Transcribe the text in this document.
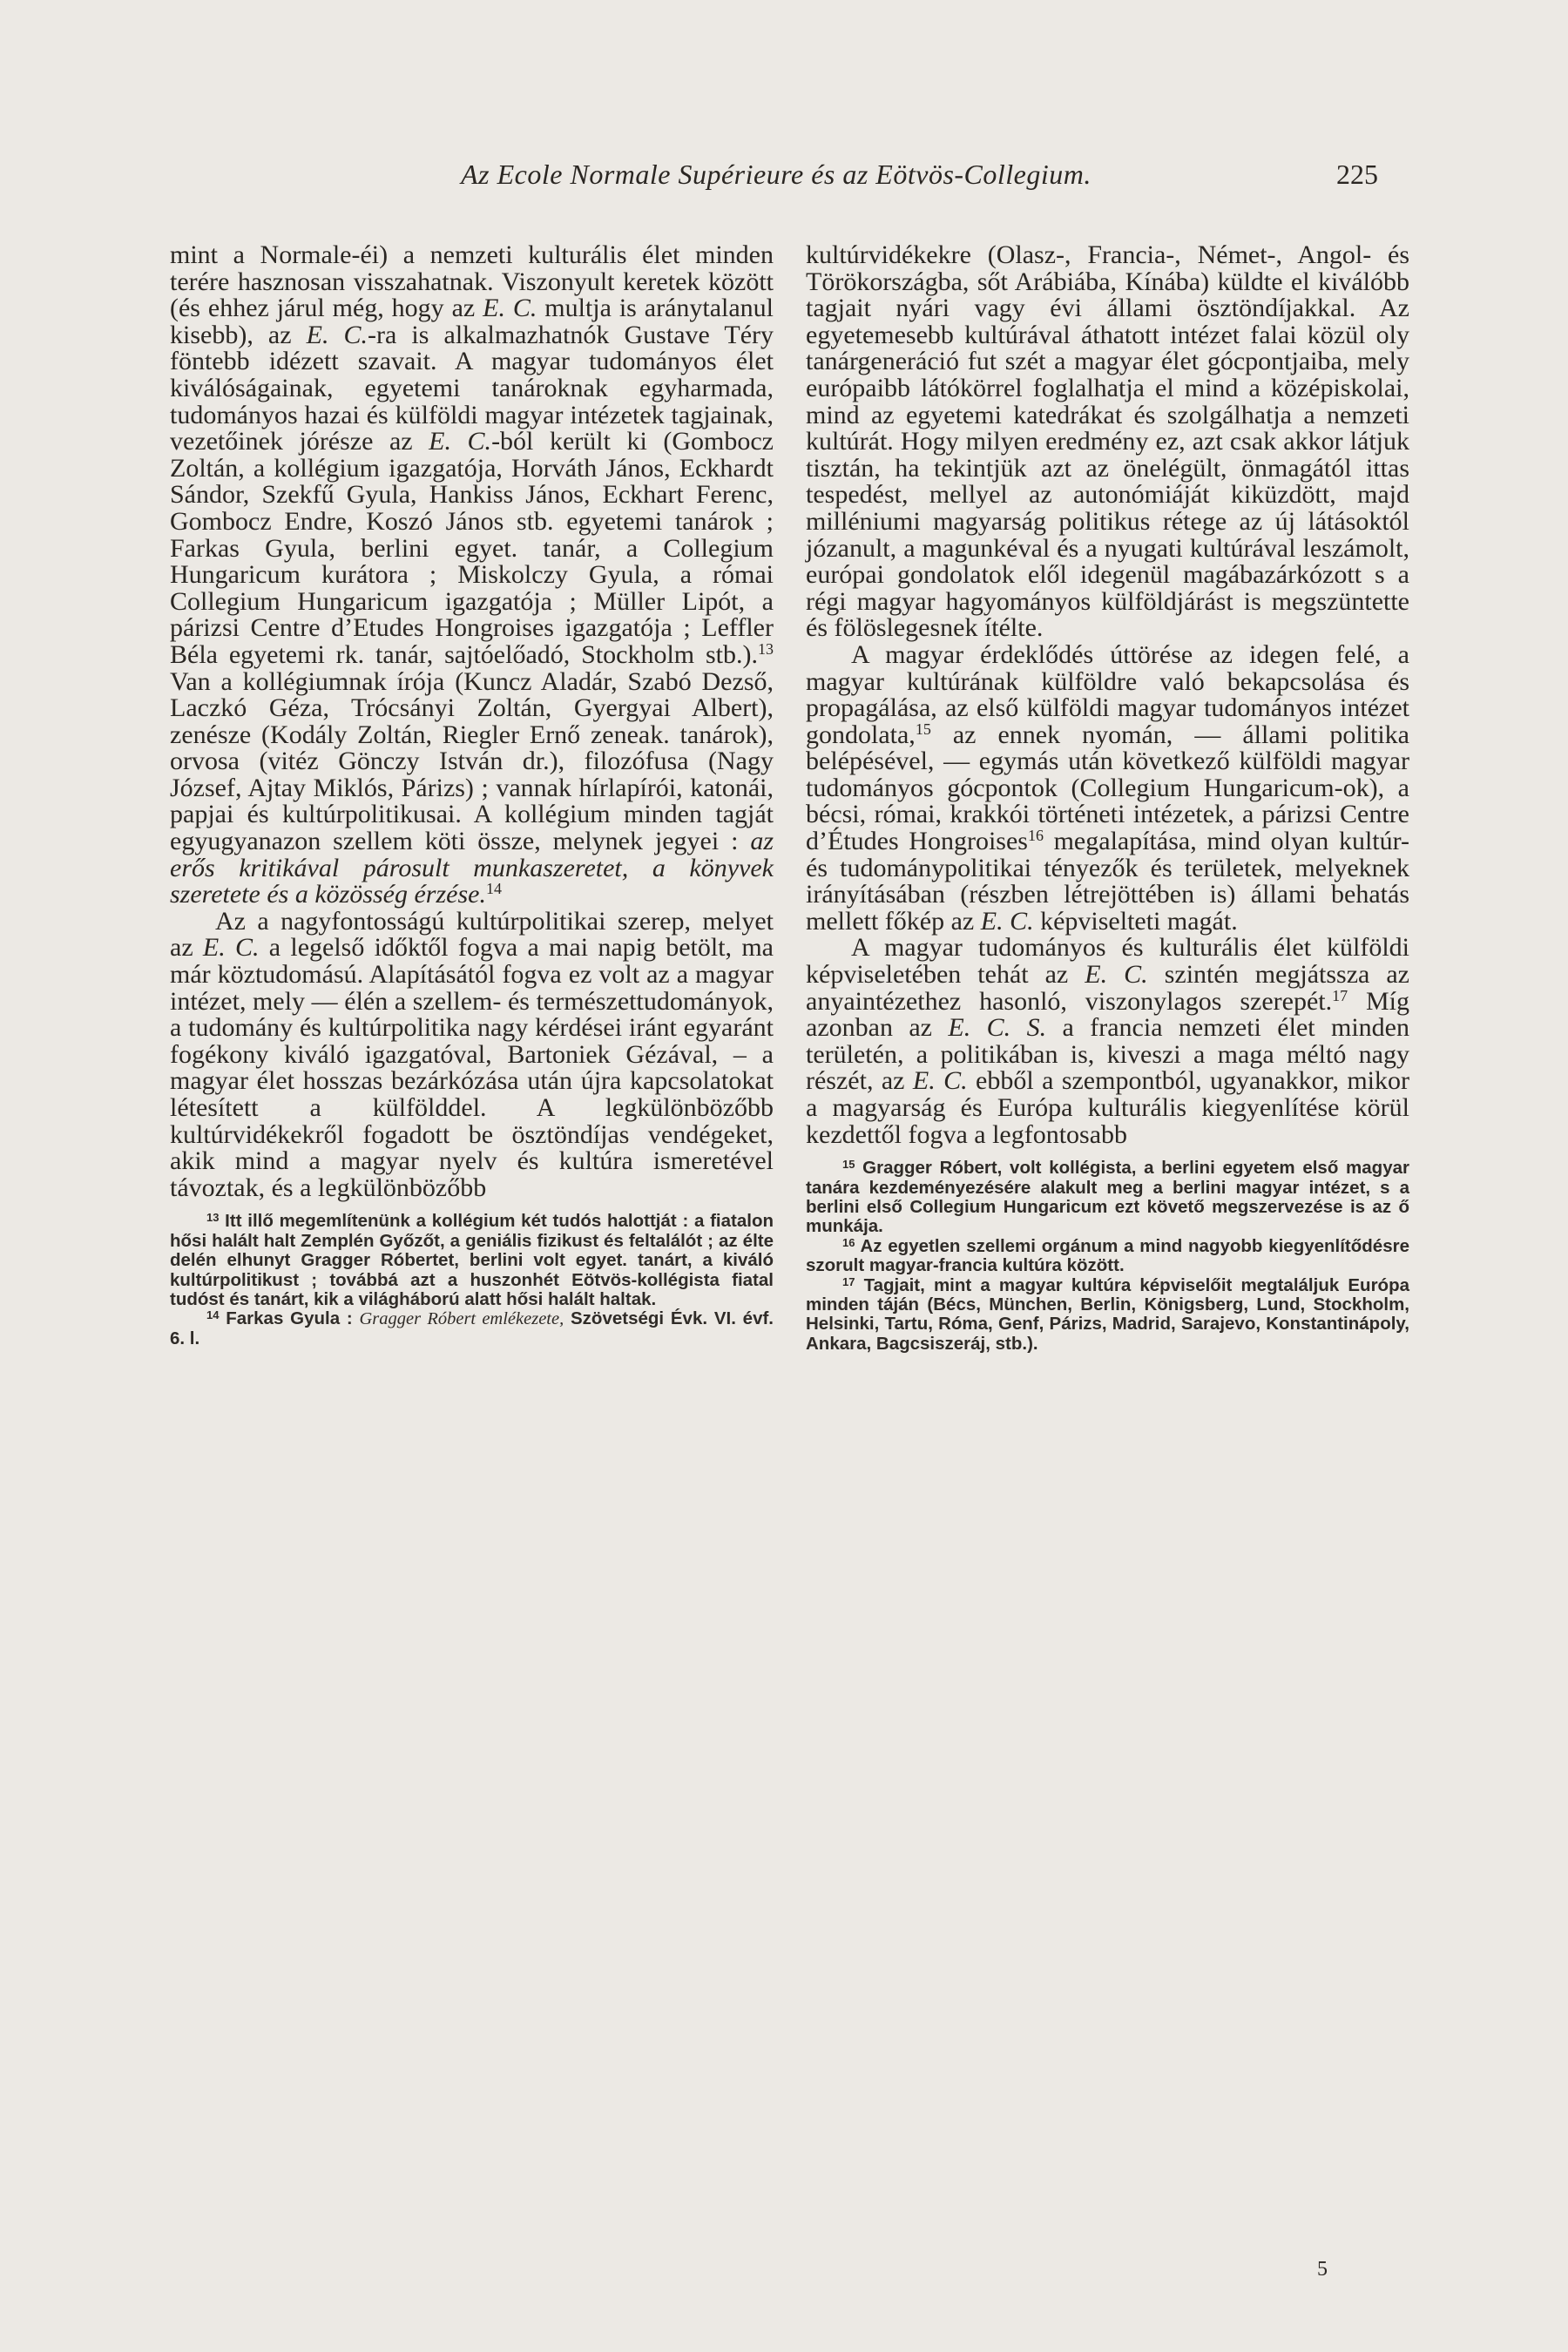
Az Ecole Normale Supérieure és az Eötvös-Collegium.	225

mint a Normale-éi) a nemzeti kulturális élet minden terére hasznosan visszahatnak. Viszonyult keretek között (és ehhez járul még, hogy az E. C. multja is aránytalanul kisebb), az E. C.-ra is alkalmazhatnók Gustave Téry föntebb idézett szavait. A magyar tudományos élet kiválóságainak, egyetemi tanároknak egyharmada, tudományos hazai és külföldi magyar intézetek tagjainak, vezetőinek jórésze az E. C.-ból került ki (Gombocz Zoltán, a kollégium igazgatója, Horváth János, Eckhardt Sándor, Szekfű Gyula, Hankiss János, Eckhart Ferenc, Gombocz Endre, Koszó János stb. egyetemi tanárok ; Farkas Gyula, berlini egyet. tanár, a Collegium Hungaricum kurátora ; Miskolczy Gyula, a római Collegium Hungaricum igazgatója ; Müller Lipót, a párizsi Centre d’Etudes Hongroises igazgatója ; Leffler Béla egyetemi rk. tanár, sajtóelőadó, Stockholm stb.).$^{13}$ Van a kollégiumnak írója (Kuncz Aladár, Szabó Dezső, Laczkó Géza, Trócsányi Zoltán, Gyergyai Albert), zenésze (Kodály Zoltán, Riegler Ernő zeneak. tanárok), orvosa (vitéz Gönczy István dr.), filozófusa (Nagy József, Ajtay Miklós, Párizs) ; vannak hírlapírói, katonái, papjai és kultúrpolitikusai. A kollégium minden tagját egyugyanazon szellem köti össze, melynek jegyei : az erős kritikával párosult munkaszeretet, a könyvek szeretete és a közösség érzése.$^{14}$

Az a nagyfontosságú kultúrpolitikai szerep, melyet az E. C. a legelső időktől fogva a mai napig betölt, ma már köztudomású. Alapításától fogva ez volt az a magyar intézet, mely — élén a szellem- és természettudományok, a tudomány és kultúrpolitika nagy kérdései iránt egyaránt fogékony kiváló igazgatóval, Bartoniek Gézával, – a magyar élet hosszas bezárkózása után újra kapcsolatokat létesített a külfölddel. A legkülönbözőbb kultúrvidékekről fogadott be ösztöndíjas vendégeket, akik mind a magyar nyelv és kultúra ismeretével távoztak, és a legkülönbözőbb

$^{13}$ Itt illő megemlítenünk a kollégium két tudós halottját : a fiatalon hősi halált halt Zemplén Győzőt, a geniális fizikust és feltalálót ; az élte delén elhunyt Gragger Róbertet, berlini volt egyet. tanárt, a kiváló kultúrpolitikust ; továbbá azt a huszonhét Eötvös-kollégista fiatal tudóst és tanárt, kik a világháború alatt hősi halált haltak.

$^{14}$ Farkas Gyula : Gragger Róbert emlékezete, Szövetségi Évk. VI. évf. 6. l.

kultúrvidékekre (Olasz-, Francia-, Német-, Angol- és Törökországba, sőt Arábiába, Kínába) küldte el kiválóbb tagjait nyári vagy évi állami ösztöndíjakkal. Az egyetemesebb kultúrával áthatott intézet falai közül oly tanárgeneráció fut szét a magyar élet gócpontjaiba, mely európaibb látókörrel foglalhatja el mind a középiskolai, mind az egyetemi katedrákat és szolgálhatja a nemzeti kultúrát. Hogy milyen eredmény ez, azt csak akkor látjuk tisztán, ha tekintjük azt az önelégült, önmagától ittas tespedést, mellyel az autonómiáját kiküzdött, majd milléniumi magyarság politikus rétege az új látásoktól józanult, a magunkéval és a nyugati kultúrával leszámolt, európai gondolatok elől idegenül magábazárkózott s a régi magyar hagyományos külföldjárást is megszüntette és fölöslegesnek ítélte.

A magyar érdeklődés úttörése az idegen felé, a magyar kultúrának külföldre való bekapcsolása és propagálása, az első külföldi magyar tudományos intézet gondolata,$^{15}$ az ennek nyomán, — állami politika belépésével, — egymás után következő külföldi magyar tudományos gócpontok (Collegium Hungaricum-ok), a bécsi, római, krakkói történeti intézetek, a párizsi Centre d’Études Hongroises$^{16}$ megalapítása, mind olyan kultúr- és tudománypolitikai tényezők és területek, melyeknek irányításában (részben létrejöttében is) állami behatás mellett főkép az E. C. képviselteti magát.

A magyar tudományos és kulturális élet külföldi képviseletében tehát az E. C. szintén megjátssza az anyaintézethez hasonló, viszonylagos szerepét.$^{17}$ Míg azonban az E. C. S. a francia nemzeti élet minden területén, a politikában is, kiveszi a maga méltó nagy részét, az E. C. ebből a szempontból, ugyanakkor, mikor a magyarság és Európa kulturális kiegyenlítése körül kezdettől fogva a legfontosabb

$^{15}$ Gragger Róbert, volt kollégista, a berlini egyetem első magyar tanára kezdeményezésére alakult meg a berlini magyar intézet, s a berlini első Collegium Hungaricum ezt követő megszervezése is az ő munkája.

$^{16}$ Az egyetlen szellemi orgánum a mind nagyobb kiegyenlítődésre szorult magyar-francia kultúra között.

$^{17}$ Tagjait, mint a magyar kultúra képviselőit megtaláljuk Európa minden táján (Bécs, München, Berlin, Königsberg, Lund, Stockholm, Helsinki, Tartu, Róma, Genf, Párizs, Madrid, Sarajevo, Konstantinápoly, Ankara, Bagcsiszeráj, stb.).

5
